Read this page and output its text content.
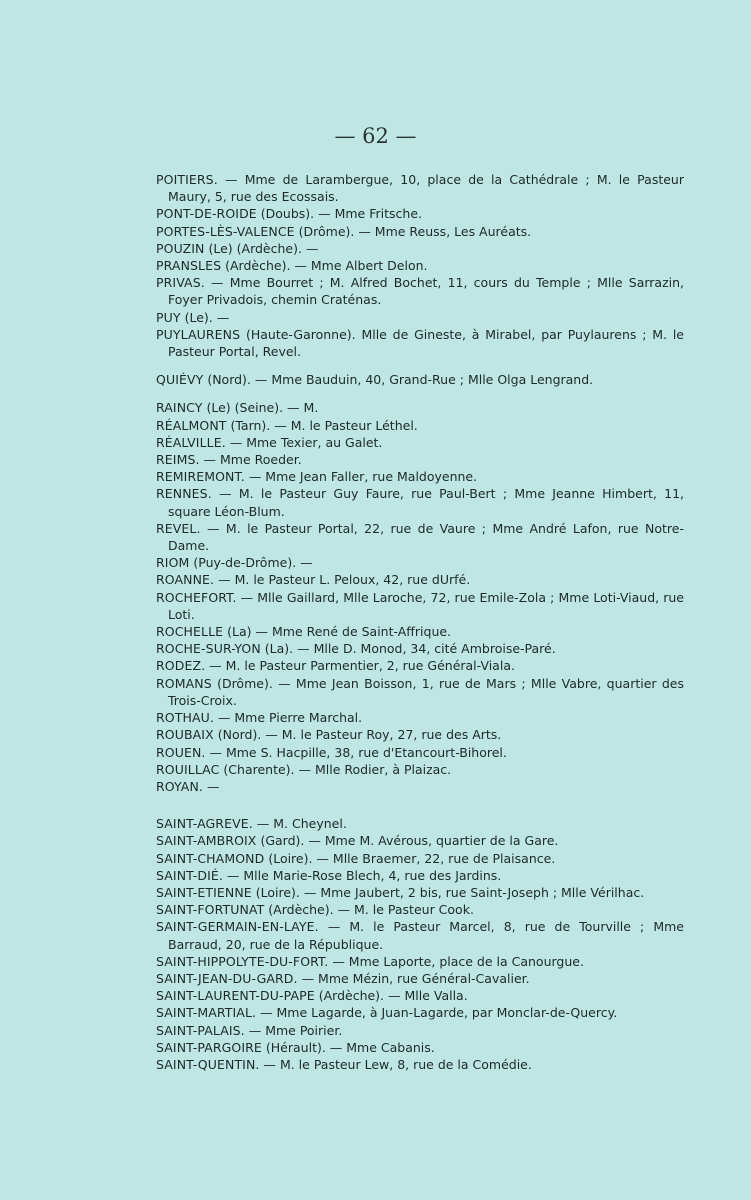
— 62 —
POITIERS. — Mme de Larambergue, 10, place de la Cathédrale ; M. le Pasteur Maury, 5, rue des Ecossais.
PONT-DE-ROIDE (Doubs). — Mme Fritsche.
PORTES-LÈS-VALENCE (Drôme). — Mme Reuss, Les Auréats.
POUZIN (Le) (Ardèche). —
PRANSLES (Ardèche). — Mme Albert Delon.
PRIVAS. — Mme Bourret ; M. Alfred Bochet, 11, cours du Temple ; Mlle Sarrazin, Foyer Privadois, chemin Craténas.
PUY (Le). —
PUYLAURENS (Haute-Garonne). Mlle de Gineste, à Mirabel, par Puylaurens ; M. le Pasteur Portal, Revel.
QUIÉVY (Nord). — Mme Bauduin, 40, Grand-Rue ; Mlle Olga Lengrand.
RAINCY (Le) (Seine). — M.
RÉALMONT (Tarn). — M. le Pasteur Léthel.
RÉALVILLE. — Mme Texier, au Galet.
REIMS. — Mme Roeder.
REMIREMONT. — Mme Jean Faller, rue Maldoyenne.
RENNES. — M. le Pasteur Guy Faure, rue Paul-Bert ; Mme Jeanne Himbert, 11, square Léon-Blum.
REVEL. — M. le Pasteur Portal, 22, rue de Vaure ; Mme André Lafon, rue Notre-Dame.
RIOM (Puy-de-Drôme). —
ROANNE. — M. le Pasteur L. Peloux, 42, rue dUrfé.
ROCHEFORT. — Mlle Gaillard, Mlle Laroche, 72, rue Emile-Zola ; Mme Loti-Viaud, rue Loti.
ROCHELLE (La) — Mme René de Saint-Affrique.
ROCHE-SUR-YON (La). — Mlle D. Monod, 34, cité Ambroise-Paré.
RODEZ. — M. le Pasteur Parmentier, 2, rue Général-Viala.
ROMANS (Drôme). — Mme Jean Boisson, 1, rue de Mars ; Mlle Vabre, quartier des Trois-Croix.
ROTHAU. — Mme Pierre Marchal.
ROUBAIX (Nord). — M. le Pasteur Roy, 27, rue des Arts.
ROUEN. — Mme S. Hacpille, 38, rue d'Etancourt-Bihorel.
ROUILLAC (Charente). — Mlle Rodier, à Plaizac.
ROYAN. —
SAINT-AGREVE. — M. Cheynel.
SAINT-AMBROIX (Gard). — Mme M. Avérous, quartier de la Gare.
SAINT-CHAMOND (Loire). — Mlle Braemer, 22, rue de Plaisance.
SAINT-DIÉ. — Mlle Marie-Rose Blech, 4, rue des Jardins.
SAINT-ETIENNE (Loire). — Mme Jaubert, 2 bis, rue Saint-Joseph ; Mlle Vérilhac.
SAINT-FORTUNAT (Ardèche). — M. le Pasteur Cook.
SAINT-GERMAIN-EN-LAYE. — M. le Pasteur Marcel, 8, rue de Tourville ; Mme Barraud, 20, rue de la République.
SAINT-HIPPOLYTE-DU-FORT. — Mme Laporte, place de la Canourgue.
SAINT-JEAN-DU-GARD. — Mme Mézin, rue Général-Cavalier.
SAINT-LAURENT-DU-PAPE (Ardèche). — Mlle Valla.
SAINT-MARTIAL. — Mme Lagarde, à Juan-Lagarde, par Monclar-de-Quercy.
SAINT-PALAIS. — Mme Poirier.
SAINT-PARGOIRE (Hérault). — Mme Cabanis.
SAINT-QUENTIN. — M. le Pasteur Lew, 8, rue de la Comédie.
